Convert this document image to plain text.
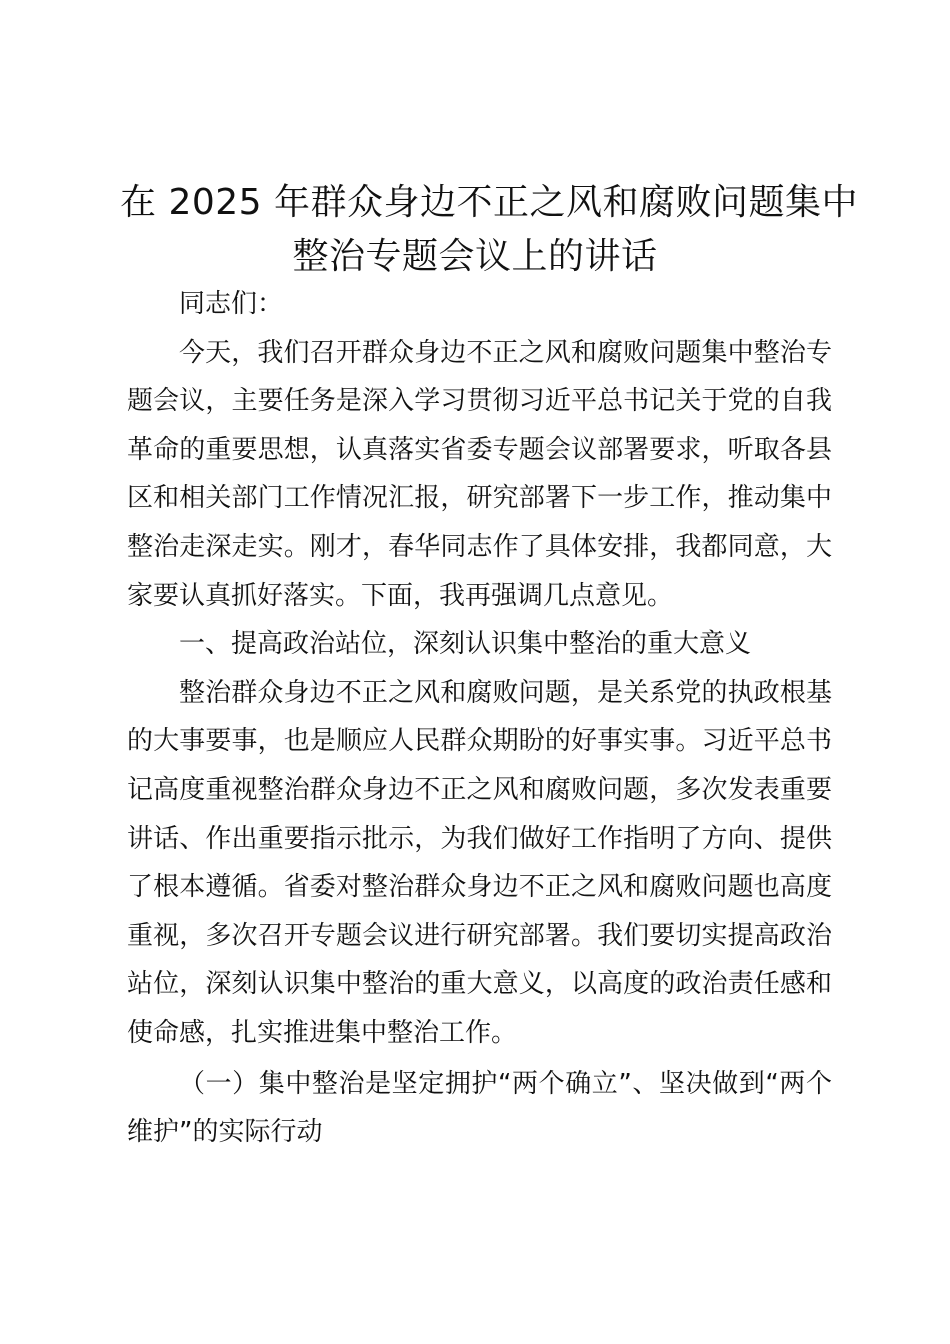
在 2025 年群众身边不正之风和腐败问题集中
整治专题会议上的讲话

同志们：

今天，我们召开群众身边不正之风和腐败问题集中整治专题会议，主要任务是深入学习贯彻习近平总书记关于党的自我革命的重要思想，认真落实省委专题会议部署要求，听取各县区和相关部门工作情况汇报，研究部署下一步工作，推动集中整治走深走实。刚才，春华同志作了具体安排，我都同意，大家要认真抓好落实。下面，我再强调几点意见。

一、提高政治站位，深刻认识集中整治的重大意义

整治群众身边不正之风和腐败问题，是关系党的执政根基的大事要事，也是顺应人民群众期盼的好事实事。习近平总书记高度重视整治群众身边不正之风和腐败问题，多次发表重要讲话、作出重要指示批示，为我们做好工作指明了方向、提供了根本遵循。省委对整治群众身边不正之风和腐败问题也高度重视，多次召开专题会议进行研究部署。我们要切实提高政治站位，深刻认识集中整治的重大意义，以高度的政治责任感和使命感，扎实推进集中整治工作。

（一）集中整治是坚定拥护“两个确立”、坚决做到“两个维护”的实际行动
